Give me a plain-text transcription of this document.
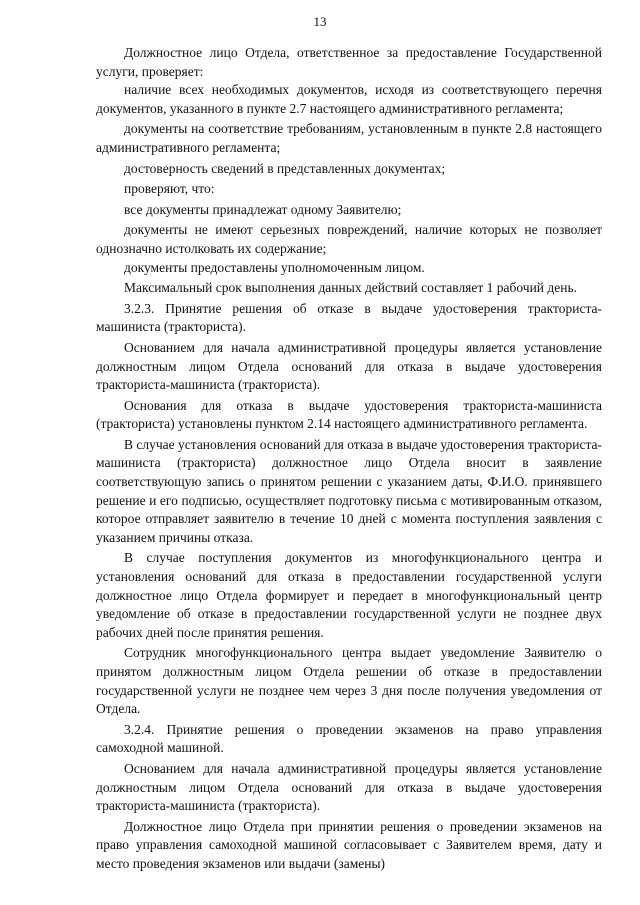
13

Должностное лицо Отдела, ответственное за предоставление Государственной услуги, проверяет:

наличие всех необходимых документов, исходя из соответствующего перечня документов, указанного в пункте 2.7 настоящего административного регламента;

документы на соответствие требованиям, установленным в пункте 2.8 настоящего административного регламента;

достоверность сведений в представленных документах;

проверяют, что:

все документы принадлежат одному Заявителю;

документы не имеют серьезных повреждений, наличие которых не позволяет однозначно истолковать их содержание;

документы предоставлены уполномоченным лицом.

Максимальный срок выполнения данных действий составляет 1 рабочий день.

3.2.3. Принятие решения об отказе в выдаче удостоверения тракториста-машиниста (тракториста).

Основанием для начала административной процедуры является установление должностным лицом Отдела оснований для отказа в выдаче удостоверения тракториста-машиниста (тракториста).

Основания для отказа в выдаче удостоверения тракториста-машиниста (тракториста) установлены пунктом 2.14 настоящего административного регламента.

В случае установления оснований для отказа в выдаче удостоверения тракториста-машиниста (тракториста) должностное лицо Отдела вносит в заявление соответствующую запись о принятом решении с указанием даты, Ф.И.О. принявшего решение и его подписью, осуществляет подготовку письма с мотивированным отказом, которое отправляет заявителю в течение 10 дней с момента поступления заявления с указанием причины отказа.

В случае поступления документов из многофункционального центра и установления оснований для отказа в предоставлении государственной услуги должностное лицо Отдела формирует и передает в многофункциональный центр уведомление об отказе в предоставлении государственной услуги не позднее двух рабочих дней после принятия решения.

Сотрудник многофункционального центра выдает уведомление Заявителю о принятом должностным лицом Отдела решении об отказе в предоставлении государственной услуги не позднее чем через 3 дня после получения уведомления от Отдела.

3.2.4. Принятие решения о проведении экзаменов на право управления самоходной машиной.

Основанием для начала административной процедуры является установление должностным лицом Отдела оснований для отказа в выдаче удостоверения тракториста-машиниста (тракториста).

Должностное лицо Отдела при принятии решения о проведении экзаменов на право управления самоходной машиной согласовывает с Заявителем время, дату и место проведения экзаменов или выдачи (замены)
